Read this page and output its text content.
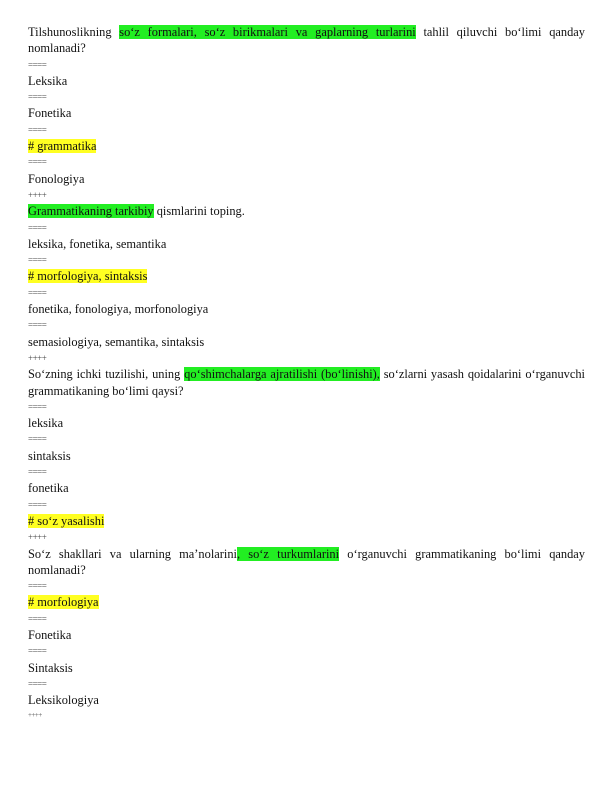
Tilshunoslikning so‘z formalari, so‘z birikmalari va gaplarning turlarini tahlil qiluvchi bo‘limi qanday nomlanadi?
====
Leksika
====
Fonetika
====
# grammatika
====
Fonologiya
++++
Grammatikaning tarkibiy qismlarini toping.
====
leksika, fonetika, semantika
====
# morfologiya, sintaksis
====
fonetika, fonologiya, morfonologiya
====
semasiologiya, semantika, sintaksis
++++
So‘zning ichki tuzilishi, uning qo‘shimchalarga ajratilishi (bo‘linishi), so‘zlarni yasash qoidalarini o‘rganuvchi grammatikaning bo‘limi qaysi?
====
leksika
====
sintaksis
====
fonetika
====
# so‘z yasalishi
++++
So‘z shakllari va ularning ma’nolarini, so‘z turkumlarini o‘rganuvchi grammatikaning bo‘limi qanday nomlanadi?
====
# morfologiya
====
Fonetika
====
Sintaksis
====
Leksikologiya
++++
